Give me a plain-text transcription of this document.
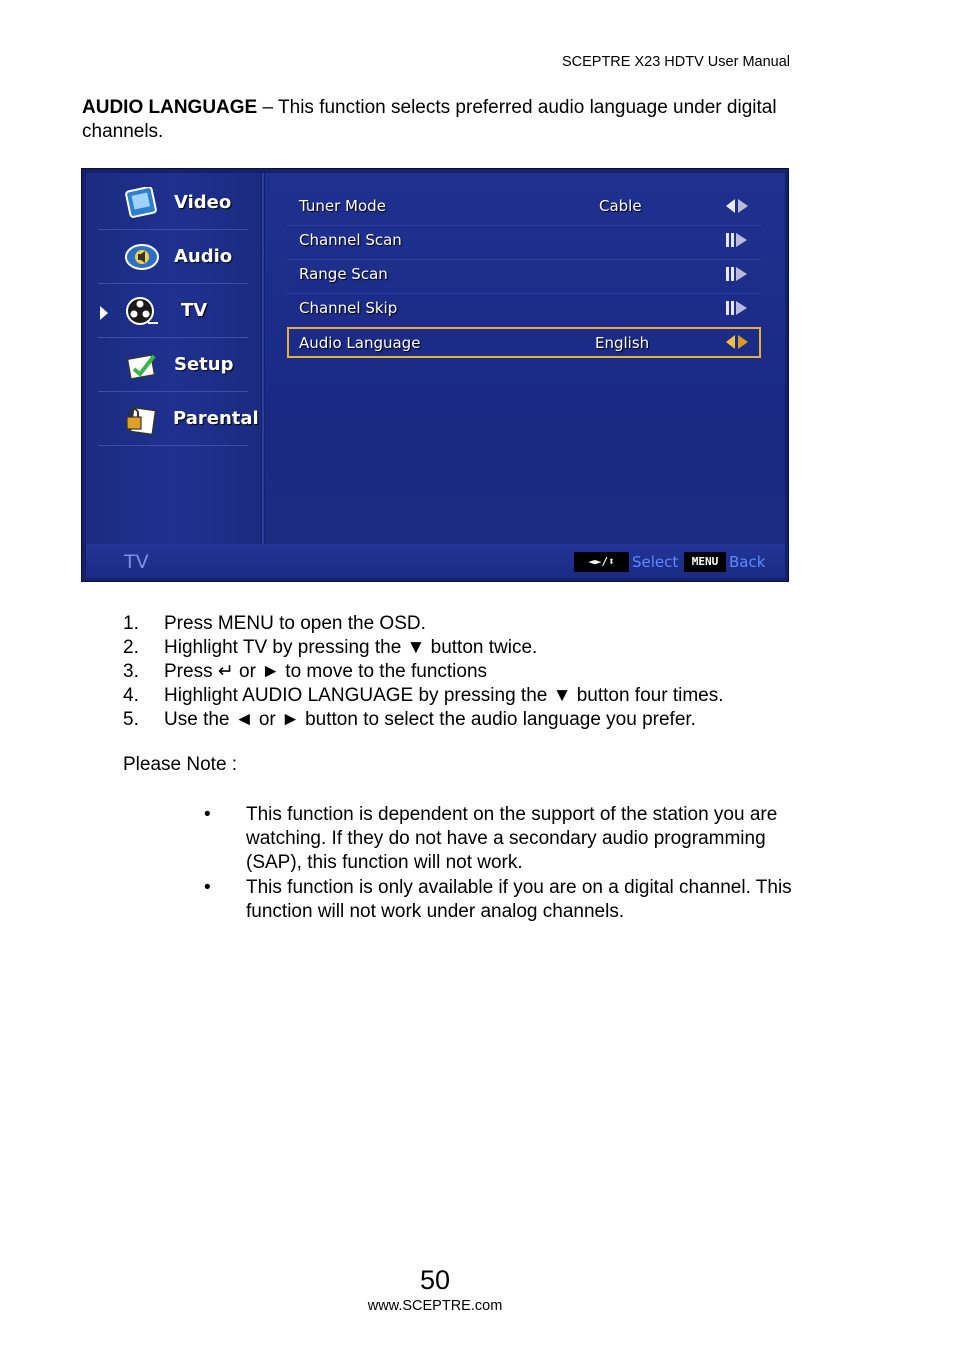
SCEPTRE X23 HDTV User Manual
AUDIO LANGUAGE – This function selects preferred audio language under digital channels.
Video
Audio
TV
Setup
Parental
Tuner Mode	Cable
Channel Scan
Range Scan
Channel Skip
Audio Language	English
TV	◄►/⬍	Select	MENU Back
1.	Press MENU to open the OSD.
2.	Highlight TV by pressing the ▼ button twice.
3.	Press ↵ or ► to move to the functions
4.	Highlight AUDIO LANGUAGE by pressing the ▼ button four times.
5.	Use the ◄ or ► button to select the audio language you prefer.
Please Note :
• This function is dependent on the support of the station you are watching. If they do not have a secondary audio programming (SAP), this function will not work.
• This function is only available if you are on a digital channel. This function will not work under analog channels.
50
www.SCEPTRE.com
